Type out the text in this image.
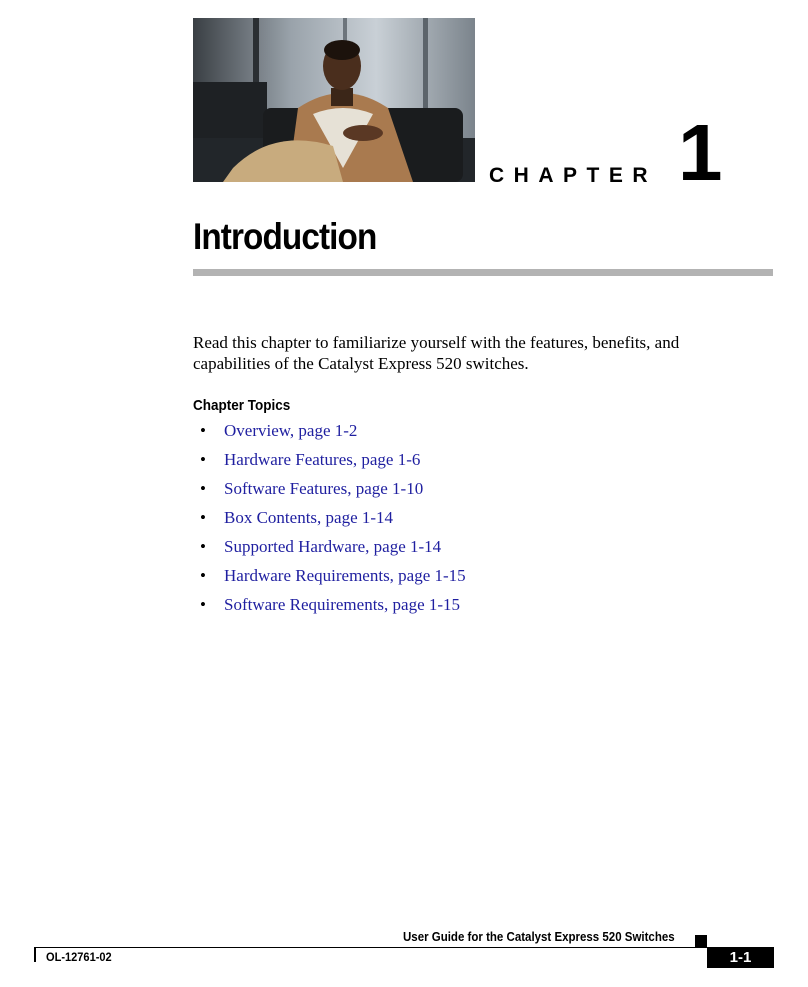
CHAPTER 1
Introduction

Read this chapter to familiarize yourself with the features, benefits, and capabilities of the Catalyst Express 520 switches.

Chapter Topics
• Overview, page 1-2
• Hardware Features, page 1-6
• Software Features, page 1-10
• Box Contents, page 1-14
• Supported Hardware, page 1-14
• Hardware Requirements, page 1-15
• Software Requirements, page 1-15
User Guide for the Catalyst Express 520 Switches
OL-12761-02	1-1
